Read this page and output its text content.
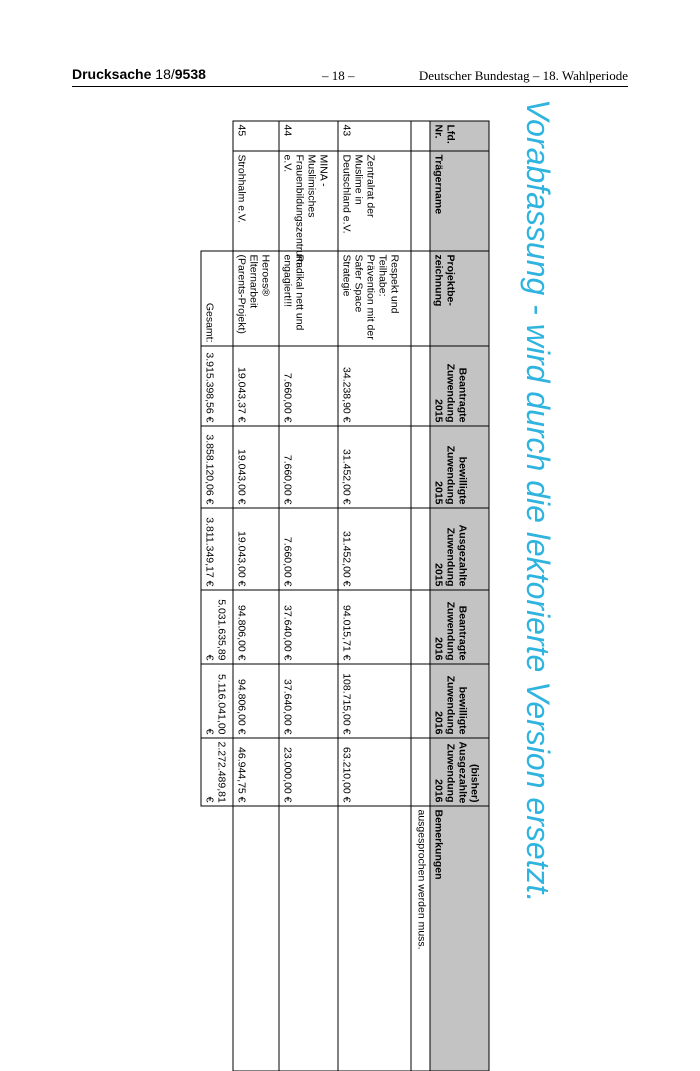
Drucksache 18/9538	– 18 –	Deutscher Bundestag – 18. Wahlperiode
Vorabfassung - wird durch die lektorierte Version ersetzt.
Lfd. Nr.	Trägername	Projektbe-zeichnung	Beantragte Zuwendung 2015	bewilligte Zuwendung 2015	Ausgezahlte Zuwendung 2015	Beantragte Zuwendung 2016	bewilligte Zuwendung 2016	(bisher) Ausgezahlte Zuwendung 2016	Bemerkungen
									ausgesprochen werden muss.
43	Zentralrat der Muslime in Deutschland e.V.	Respekt und Teilhabe: Prävention mit der Safer Space Strategie	34.238,90 €	31.452,00 €	31.452,00 €	94.015,71 €	108.715,00 €	63.210,00 €	
44	MINA - Muslimisches Frauenbildungszentrum e.V.	Radikal nett und engagiert!!!	7.660,00 €	7.660,00 €	7.660,00 €	37.640,00 €	37.640,00 €	23.000,00 €	
45	Strohhalm e.V.	Heroes® Elternarbeit (Parents-Projekt)	19.043,37 €	19.043,00 €	19.043,00 €	94.806,00 €	94.806,00 €	46.944,75 €	
		Gesamt:	3.915.398,56 €	3.858.120,06 €	3.811.349,17 €	5.031.635,89 €	5.116.041,00 €	2.272.489,81 €	
